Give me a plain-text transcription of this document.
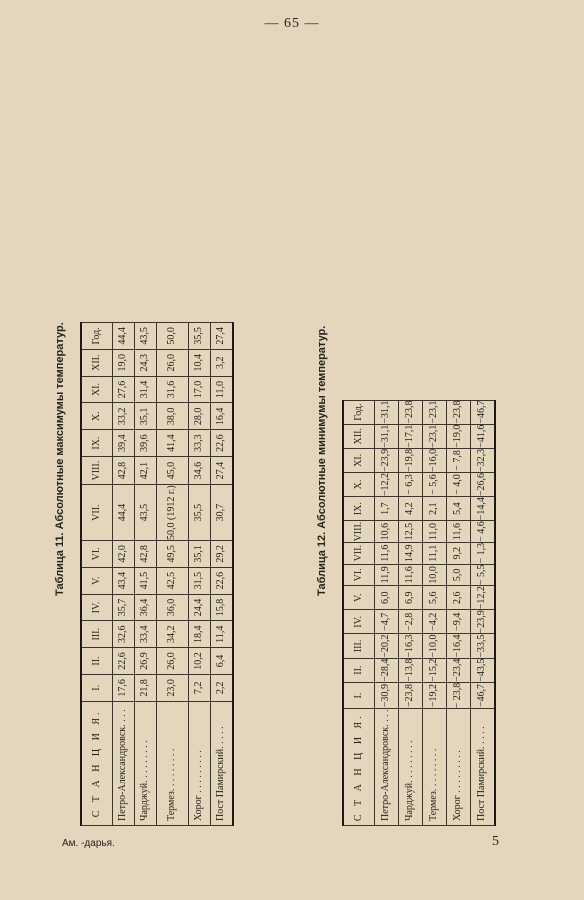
— 65 —
Таблица 11. Абсолютные максимумы температур.
С Т А Н Ц И Я.	I.	II.	III.	IV.	V.	VI.	VII.	VIII.	IX.	X.	XI.	XII.	Год.
Петро-Александровск. . . .	17,6	22,6	32,6	35,7	43,4	42,0	44,4	42,8	39,4	33,2	27,6	19,0	44,4
Чарджуй. . . . . . . . .	21,8	26,9	33,4	36,4	41,5	42,8	43,5	42,1	39,6	35,1	31,4	24,3	43,5
Термез. . . . . . . . .	23,0	26,0	34,2	36,0	42,5	49,5	50,0 (1912 г.)	45,0	41,4	38,0	31,6	26,0	50,0
Хорог . . . . . . . . .	7,2	10,2	18,4	24,4	31,5	35,1	35,5	34,6	33,3	28,0	17,0	10,4	35,5
Пост Памирский. . . . .	2,2	6,4	11,4	15,8	22,6	29,2	30,7	27,4	22,6	16,4	11,0	3,2	27,4	Таблица 12. Абсолютные минимумы температур.
С Т А Н Ц И Я.	I.	II.	III.	IV.	V.	VI.	VII.	VIII.	IX.	X.	XI.	XII.	Год.
Петро-Александровск. . . .	−30,9	−28,4	−20,2	−4,7	6,0	11,9	11,6	10,6	1,7	−12,2	−23,9	−31,1	−31,1
Чарджуй. . . . . . . . .	−23,8	−13,8	−16,3	−2,8	6,9	11,6	14,9	12,5	4,2	− 6,3	−19,8	−17,1	−23,8
Термез. . . . . . . . .	−19,2	−15,2	−10,0	−4,2	5,6	10,0	11,1	11,0	2,1	− 5,6	−16,0	−23,1	−23,1
Хорог . . . . . . . . .	− 23,8	−23,4	−16,4	−9,4	2,6	5,0	9,2	11,6	5,4	− 4,0	− 7,8	−19,0	−23,8
Пост Памирский. . . . .	−46,7	−43,5	−33,5	−23,9	−12,2	− 5,5	− 1,3	− 4,6	−14,4	−26,6	−32,3	−41,6	−46,7
Ам. -дарья.	5
